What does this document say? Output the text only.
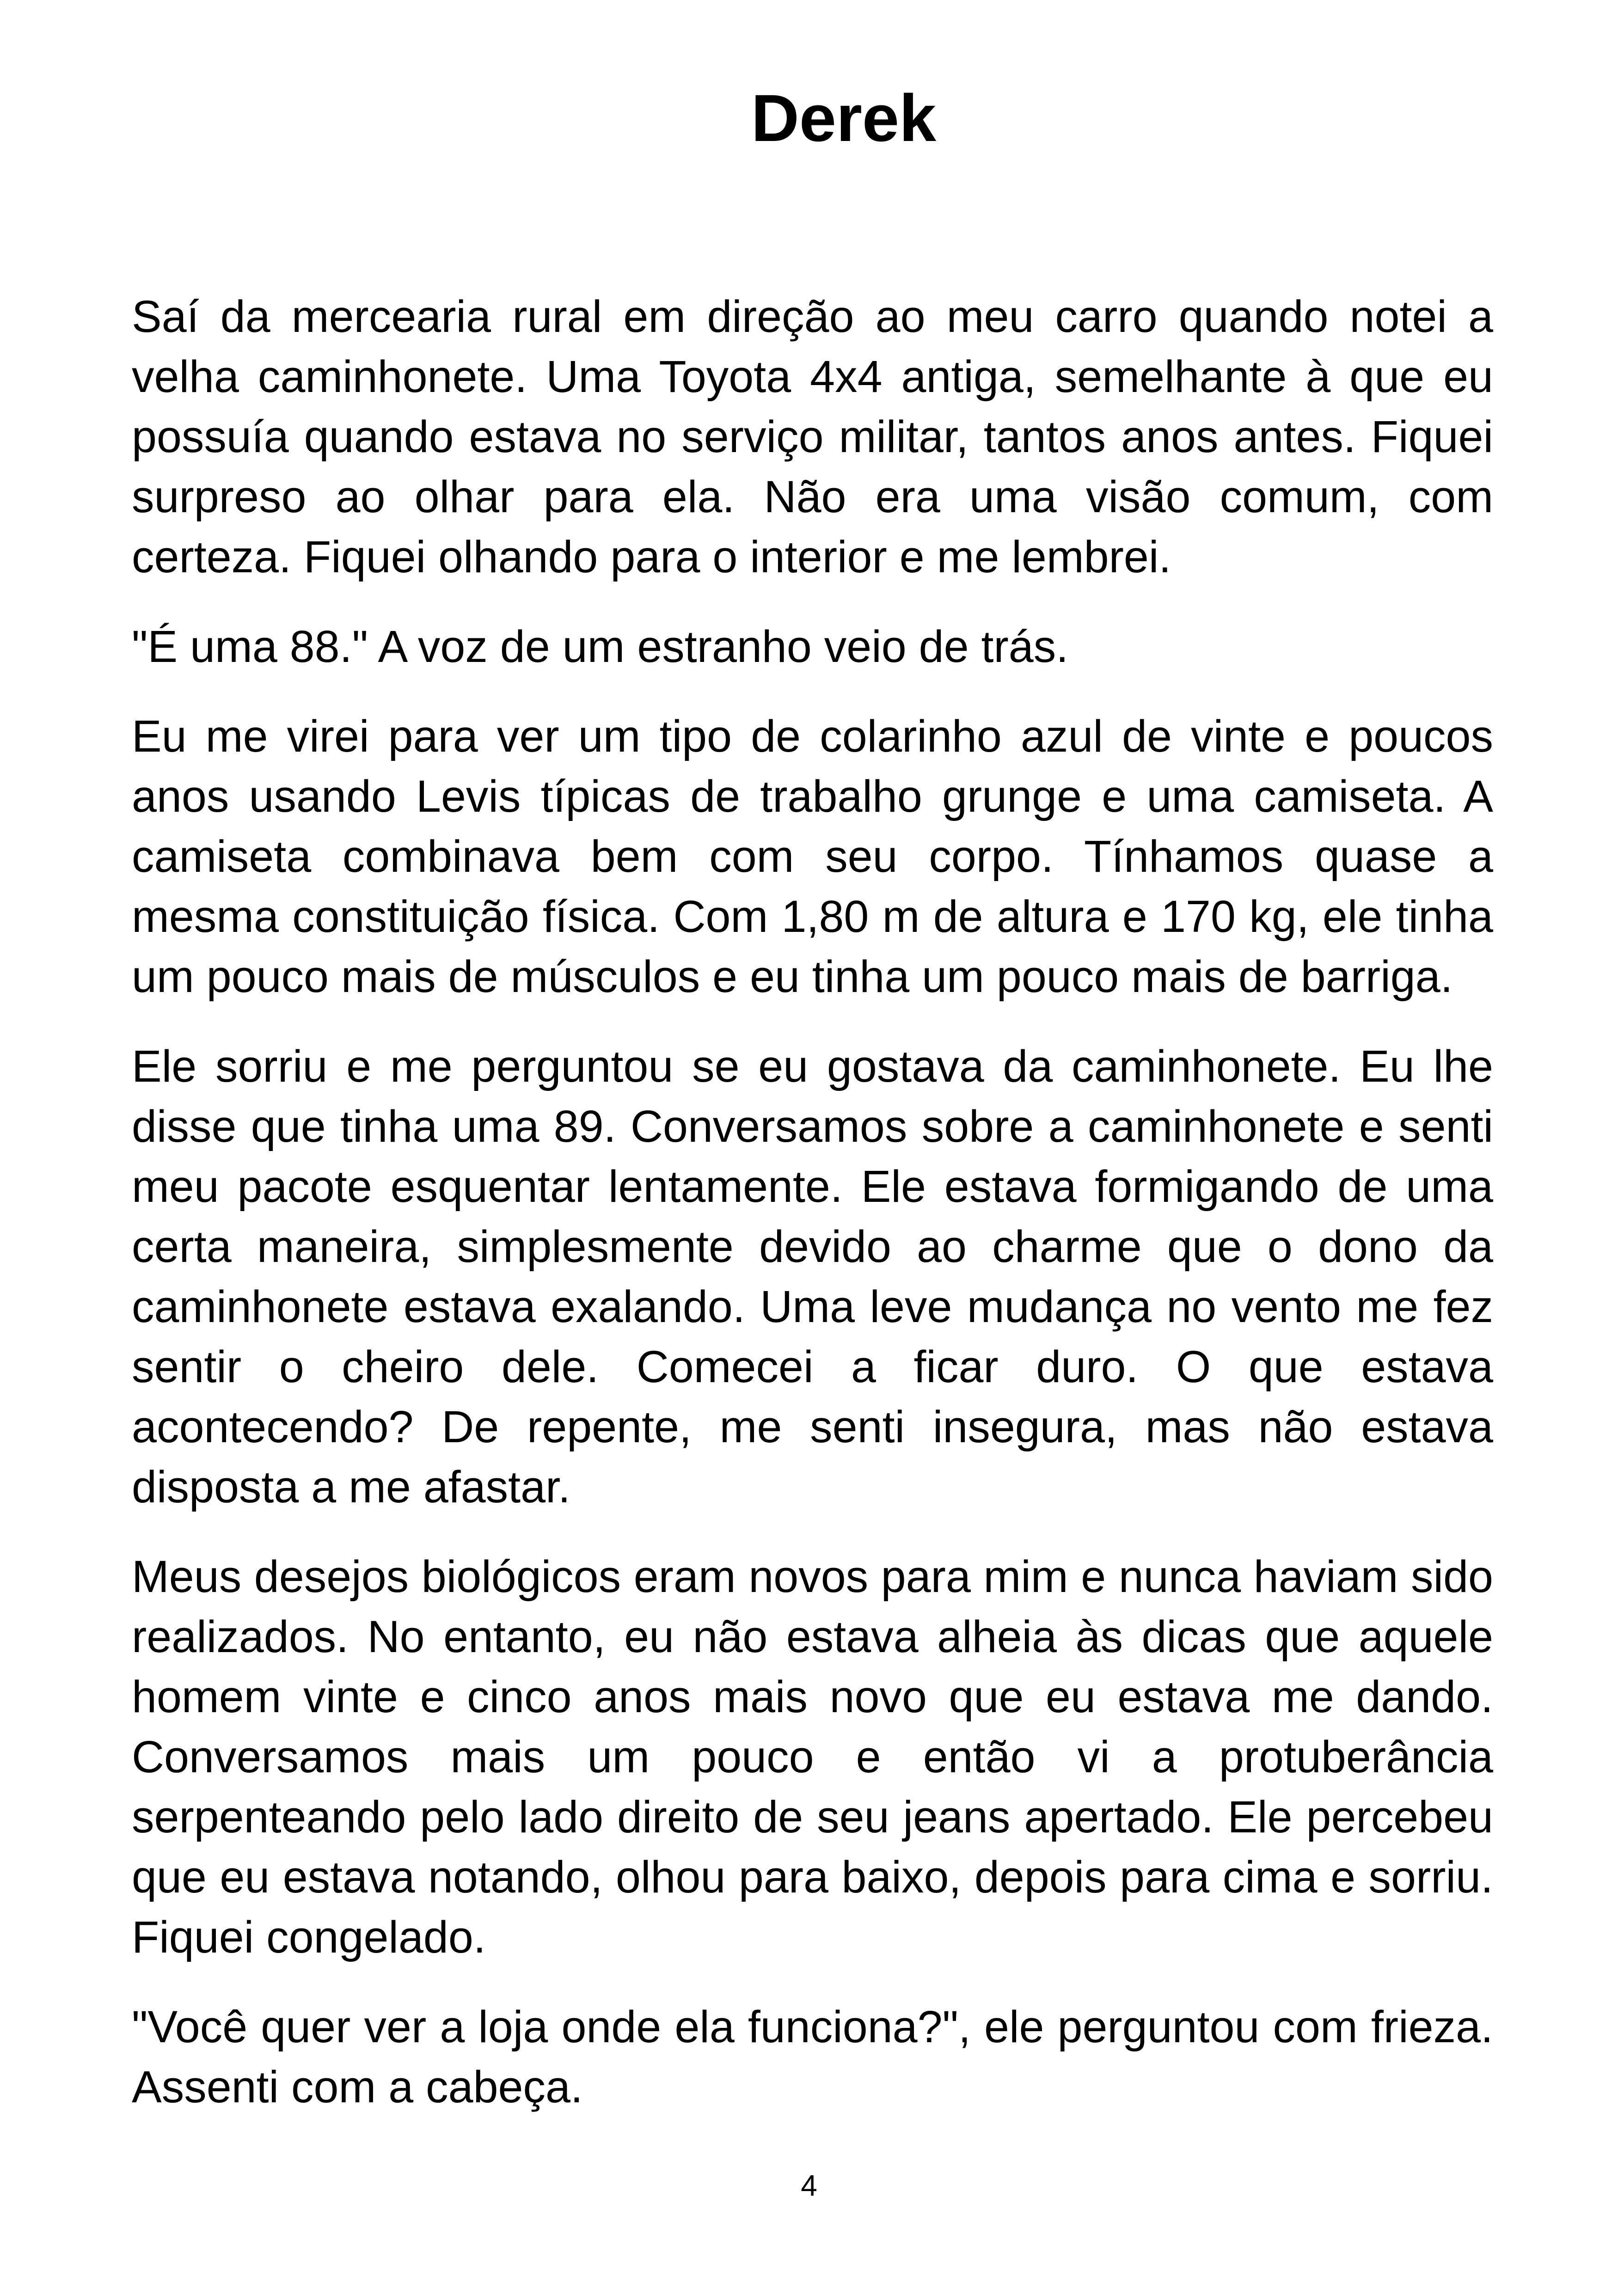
Derek

Saí da mercearia rural em direção ao meu carro quando notei a velha caminhonete. Uma Toyota 4x4 antiga, semelhante à que eu possuía quando estava no serviço militar, tantos anos antes. Fiquei surpreso ao olhar para ela. Não era uma visão comum, com certeza. Fiquei olhando para o interior e me lembrei.

"É uma 88." A voz de um estranho veio de trás.

Eu me virei para ver um tipo de colarinho azul de vinte e poucos anos usando Levis típicas de trabalho grunge e uma camiseta. A camiseta combinava bem com seu corpo. Tínhamos quase a mesma constituição física. Com 1,80 m de altura e 170 kg, ele tinha um pouco mais de músculos e eu tinha um pouco mais de barriga.

Ele sorriu e me perguntou se eu gostava da caminhonete. Eu lhe disse que tinha uma 89. Conversamos sobre a caminhonete e senti meu pacote esquentar lentamente. Ele estava formigando de uma certa maneira, simplesmente devido ao charme que o dono da caminhonete estava exalando. Uma leve mudança no vento me fez sentir o cheiro dele. Comecei a ficar duro. O que estava acontecendo? De repente, me senti insegura, mas não estava disposta a me afastar.

Meus desejos biológicos eram novos para mim e nunca haviam sido realizados. No entanto, eu não estava alheia às dicas que aquele homem vinte e cinco anos mais novo que eu estava me dando. Conversamos mais um pouco e então vi a protuberância serpenteando pelo lado direito de seu jeans apertado. Ele percebeu que eu estava notando, olhou para baixo, depois para cima e sorriu. Fiquei congelado.

"Você quer ver a loja onde ela funciona?", ele perguntou com frieza. Assenti com a cabeça.

4
